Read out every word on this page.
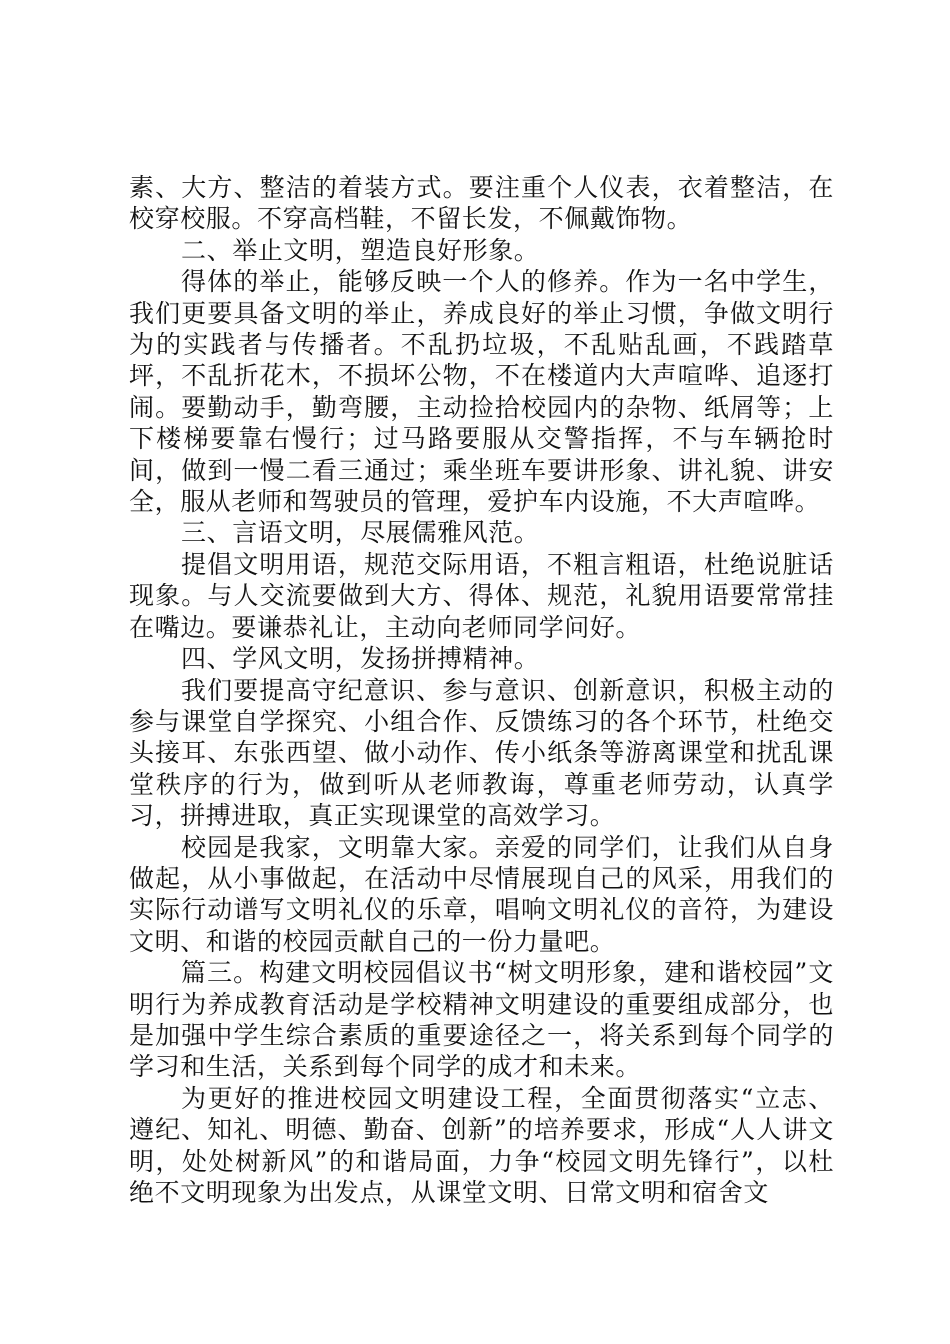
素、大方、整洁的着装方式。要注重个人仪表，衣着整洁，在校穿校服。不穿高档鞋，不留长发，不佩戴饰物。

二、举止文明，塑造良好形象。

得体的举止，能够反映一个人的修养。作为一名中学生，我们更要具备文明的举止，养成良好的举止习惯，争做文明行为的实践者与传播者。不乱扔垃圾，不乱贴乱画，不践踏草坪，不乱折花木，不损坏公物，不在楼道内大声喧哗、追逐打闹。要勤动手，勤弯腰，主动捡拾校园内的杂物、纸屑等；上下楼梯要靠右慢行；过马路要服从交警指挥，不与车辆抢时间，做到一慢二看三通过；乘坐班车要讲形象、讲礼貌、讲安全，服从老师和驾驶员的管理，爱护车内设施，不大声喧哗。

三、言语文明，尽展儒雅风范。

提倡文明用语，规范交际用语，不粗言粗语，杜绝说脏话现象。与人交流要做到大方、得体、规范，礼貌用语要常常挂在嘴边。要谦恭礼让，主动向老师同学问好。

四、学风文明，发扬拼搏精神。

我们要提高守纪意识、参与意识、创新意识，积极主动的参与课堂自学探究、小组合作、反馈练习的各个环节，杜绝交头接耳、东张西望、做小动作、传小纸条等游离课堂和扰乱课堂秩序的行为，做到听从老师教诲，尊重老师劳动，认真学习，拼搏进取，真正实现课堂的高效学习。

校园是我家，文明靠大家。亲爱的同学们，让我们从自身做起，从小事做起，在活动中尽情展现自己的风采，用我们的实际行动谱写文明礼仪的乐章，唱响文明礼仪的音符，为建设文明、和谐的校园贡献自己的一份力量吧。

篇三。构建文明校园倡议书“树文明形象，建和谐校园”文明行为养成教育活动是学校精神文明建设的重要组成部分，也是加强中学生综合素质的重要途径之一，将关系到每个同学的学习和生活，关系到每个同学的成才和未来。

为更好的推进校园文明建设工程，全面贯彻落实“立志、遵纪、知礼、明德、勤奋、创新”的培养要求，形成“人人讲文明，处处树新风”的和谐局面，力争“校园文明先锋行”，以杜绝不文明现象为出发点，从课堂文明、日常文明和宿舍文
